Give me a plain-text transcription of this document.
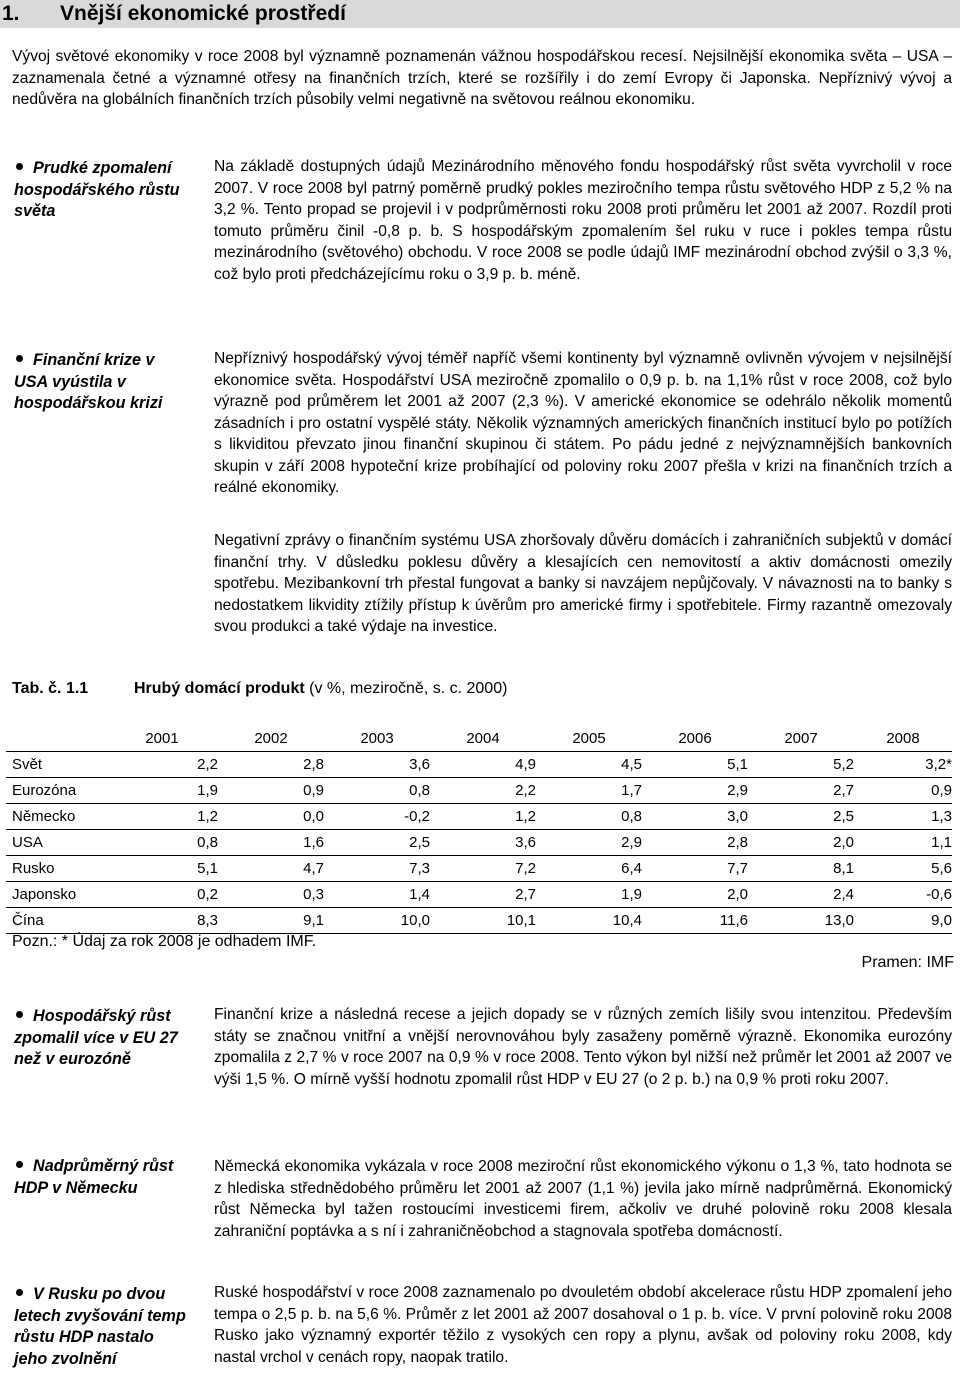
1. Vnější ekonomické prostředí

Vývoj světové ekonomiky v roce 2008 byl významně poznamenán vážnou hospodářskou recesí. Nejsilnější ekonomika světa – USA – zaznamenala četné a významné otřesy na finančních trzích, které se rozšířily i do zemí Evropy či Japonska. Nepříznivý vývoj a nedůvěra na globálních finančních trzích působily velmi negativně na světovou reálnou ekonomiku.

Prudké zpomalení hospodářského růstu světa

Na základě dostupných údajů Mezinárodního měnového fondu hospodářský růst světa vyvrcholil v roce 2007. V roce 2008 byl patrný poměrně prudký pokles meziročního tempa růstu světového HDP z 5,2 % na 3,2 %. Tento propad se projevil i v podprůměrnosti roku 2008 proti průměru let 2001 až 2007. Rozdíl proti tomuto průměru činil -0,8 p. b. S hospodářským zpomalením šel ruku v ruce i pokles tempa růstu mezinárodního (světového) obchodu. V roce 2008 se podle údajů IMF mezinárodní obchod zvýšil o 3,3 %, což bylo proti předcházejícímu roku o 3,9 p. b. méně.

Finanční krize v USA vyústila v hospodářskou krizi

Nepříznivý hospodářský vývoj téměř napříč všemi kontinenty byl významně ovlivněn vývojem v nejsilnější ekonomice světa. Hospodářství USA meziročně zpomalilo o 0,9 p. b. na 1,1% růst v roce 2008, což bylo výrazně pod průměrem let 2001 až 2007 (2,3 %). V americké ekonomice se odehrálo několik momentů zásadních i pro ostatní vyspělé státy. Několik významných amerických finančních institucí bylo po potížích s likviditou převzato jinou finanční skupinou či státem. Po pádu jedné z nejvýznamnějších bankovních skupin v září 2008 hypoteční krize probíhající od poloviny roku 2007 přešla v krizi na finančních trzích a reálné ekonomiky.

Negativní zprávy o finančním systému USA zhoršovaly důvěru domácích i zahraničních subjektů v domácí finanční trhy. V důsledku poklesu důvěry a klesajících cen nemovitostí a aktiv domácnosti omezily spotřebu. Mezibankovní trh přestal fungovat a banky si navzájem nepůjčovaly. V návaznosti na to banky s nedostatkem likvidity ztížily přístup k úvěrům pro americké firmy i spotřebitele. Firmy razantně omezovaly svou produkci a také výdaje na investice.

Tab. č. 1.1	Hrubý domácí produkt (v %, meziročně, s. c. 2000)
	2001	2002	2003	2004	2005	2006	2007	2008
Svět	2,2	2,8	3,6	4,9	4,5	5,1	5,2	3,2*
Eurozóna	1,9	0,9	0,8	2,2	1,7	2,9	2,7	0,9
Německo	1,2	0,0	-0,2	1,2	0,8	3,0	2,5	1,3
USA	0,8	1,6	2,5	3,6	2,9	2,8	2,0	1,1
Rusko	5,1	4,7	7,3	7,2	6,4	7,7	8,1	5,6
Japonsko	0,2	0,3	1,4	2,7	1,9	2,0	2,4	-0,6
Čína	8,3	9,1	10,0	10,1	10,4	11,6	13,0	9,0
Pozn.: * Údaj za rok 2008 je odhadem IMF.
Pramen: IMF
Hospodářský růst zpomalil více v EU 27 než v eurozóně

Finanční krize a následná recese a jejich dopady se v různých zemích lišily svou intenzitou. Především státy se značnou vnitřní a vnější nerovnováhou byly zasaženy poměrně výrazně. Ekonomika eurozóny zpomalila z 2,7 % v roce 2007 na 0,9 % v roce 2008. Tento výkon byl nižší než průměr let 2001 až 2007 ve výši 1,5 %. O mírně vyšší hodnotu zpomalil růst HDP v EU 27 (o 2 p. b.) na 0,9 % proti roku 2007.

Nadprůměrný růst HDP v Německu

Německá ekonomika vykázala v roce 2008 meziroční růst ekonomického výkonu o 1,3 %, tato hodnota se z hlediska střednědobého průměru let 2001 až 2007 (1,1 %) jevila jako mírně nadprůměrná. Ekonomický růst Německa byl tažen rostoucími investicemi firem, ačkoliv ve druhé polovině roku 2008 klesala zahraniční poptávka a s ní i zahraničněobchod a stagnovala spotřeba domácností.

V Rusku po dvou letech zvyšování temp růstu HDP nastalo jeho zvolnění

Ruské hospodářství v roce 2008 zaznamenalo po dvouletém období akcelerace růstu HDP zpomalení jeho tempa o 2,5 p. b. na 5,6 %. Průměr z let 2001 až 2007 dosahoval o 1 p. b. více. V první polovině roku 2008 Rusko jako významný exportér těžilo z vysokých cen ropy a plynu, avšak od poloviny roku 2008, kdy nastal vrchol v cenách ropy, naopak tratilo.
